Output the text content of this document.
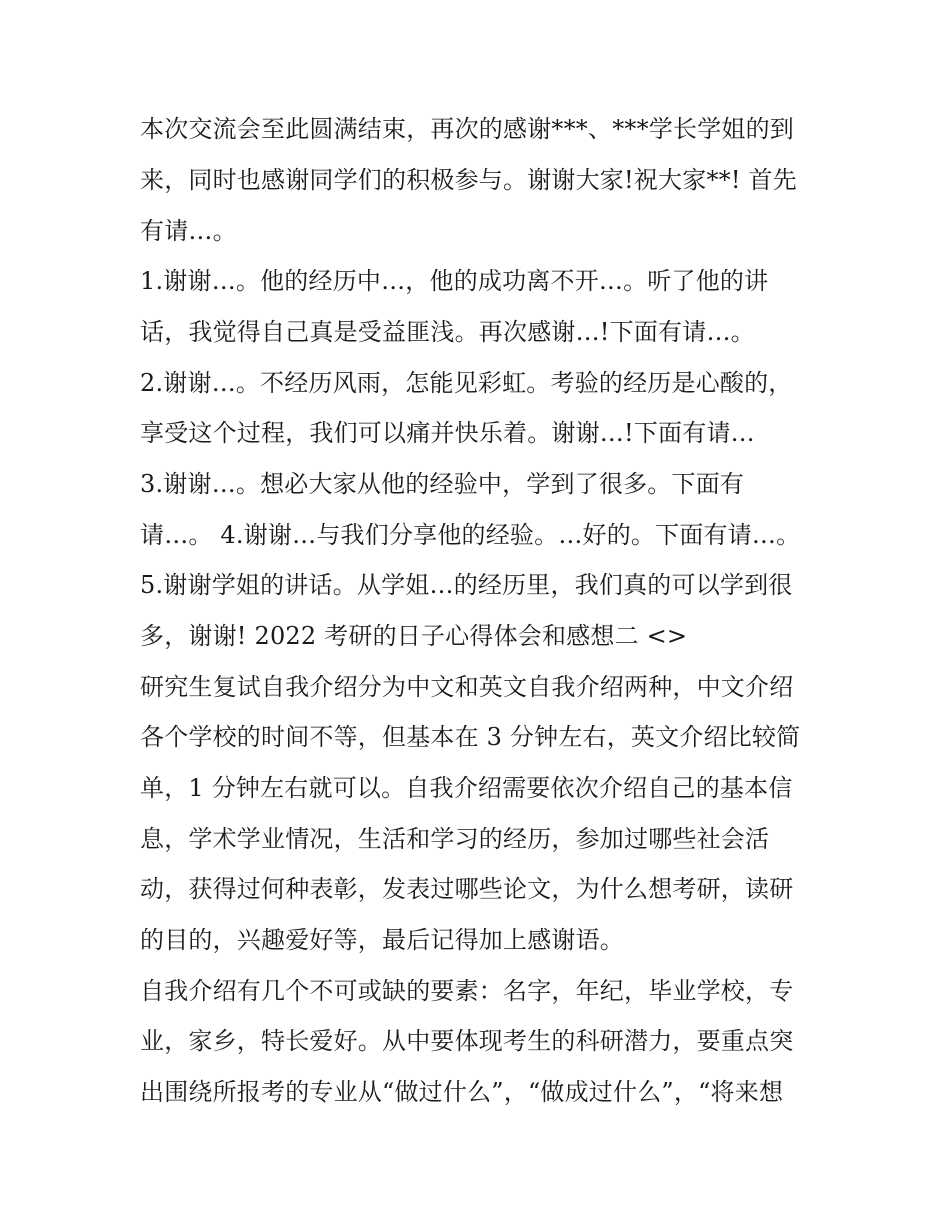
本次交流会至此圆满结束，再次的感谢***、***学长学姐的到
来，同时也感谢同学们的积极参与。谢谢大家!祝大家**! 首先
有请…。
1.谢谢…。他的经历中…，他的成功离不开…。听了他的讲
话，我觉得自己真是受益匪浅。再次感谢…!下面有请…。
2.谢谢…。不经历风雨，怎能见彩虹。考验的经历是心酸的，
享受这个过程，我们可以痛并快乐着。谢谢…!下面有请…
3.谢谢…。想必大家从他的经验中，学到了很多。下面有
请…。 4.谢谢…与我们分享他的经验。…好的。下面有请…。
5.谢谢学姐的讲话。从学姐…的经历里，我们真的可以学到很
多，谢谢! 2022 考研的日子心得体会和感想二 <>
研究生复试自我介绍分为中文和英文自我介绍两种，中文介绍
各个学校的时间不等，但基本在 3 分钟左右，英文介绍比较简
单，1 分钟左右就可以。自我介绍需要依次介绍自己的基本信
息，学术学业情况，生活和学习的经历，参加过哪些社会活
动，获得过何种表彰，发表过哪些论文，为什么想考研，读研
的目的，兴趣爱好等，最后记得加上感谢语。
自我介绍有几个不可或缺的要素：名字，年纪，毕业学校，专
业，家乡，特长爱好。从中要体现考生的科研潜力，要重点突
出围绕所报考的专业从“做过什么”，“做成过什么”，“将来想
